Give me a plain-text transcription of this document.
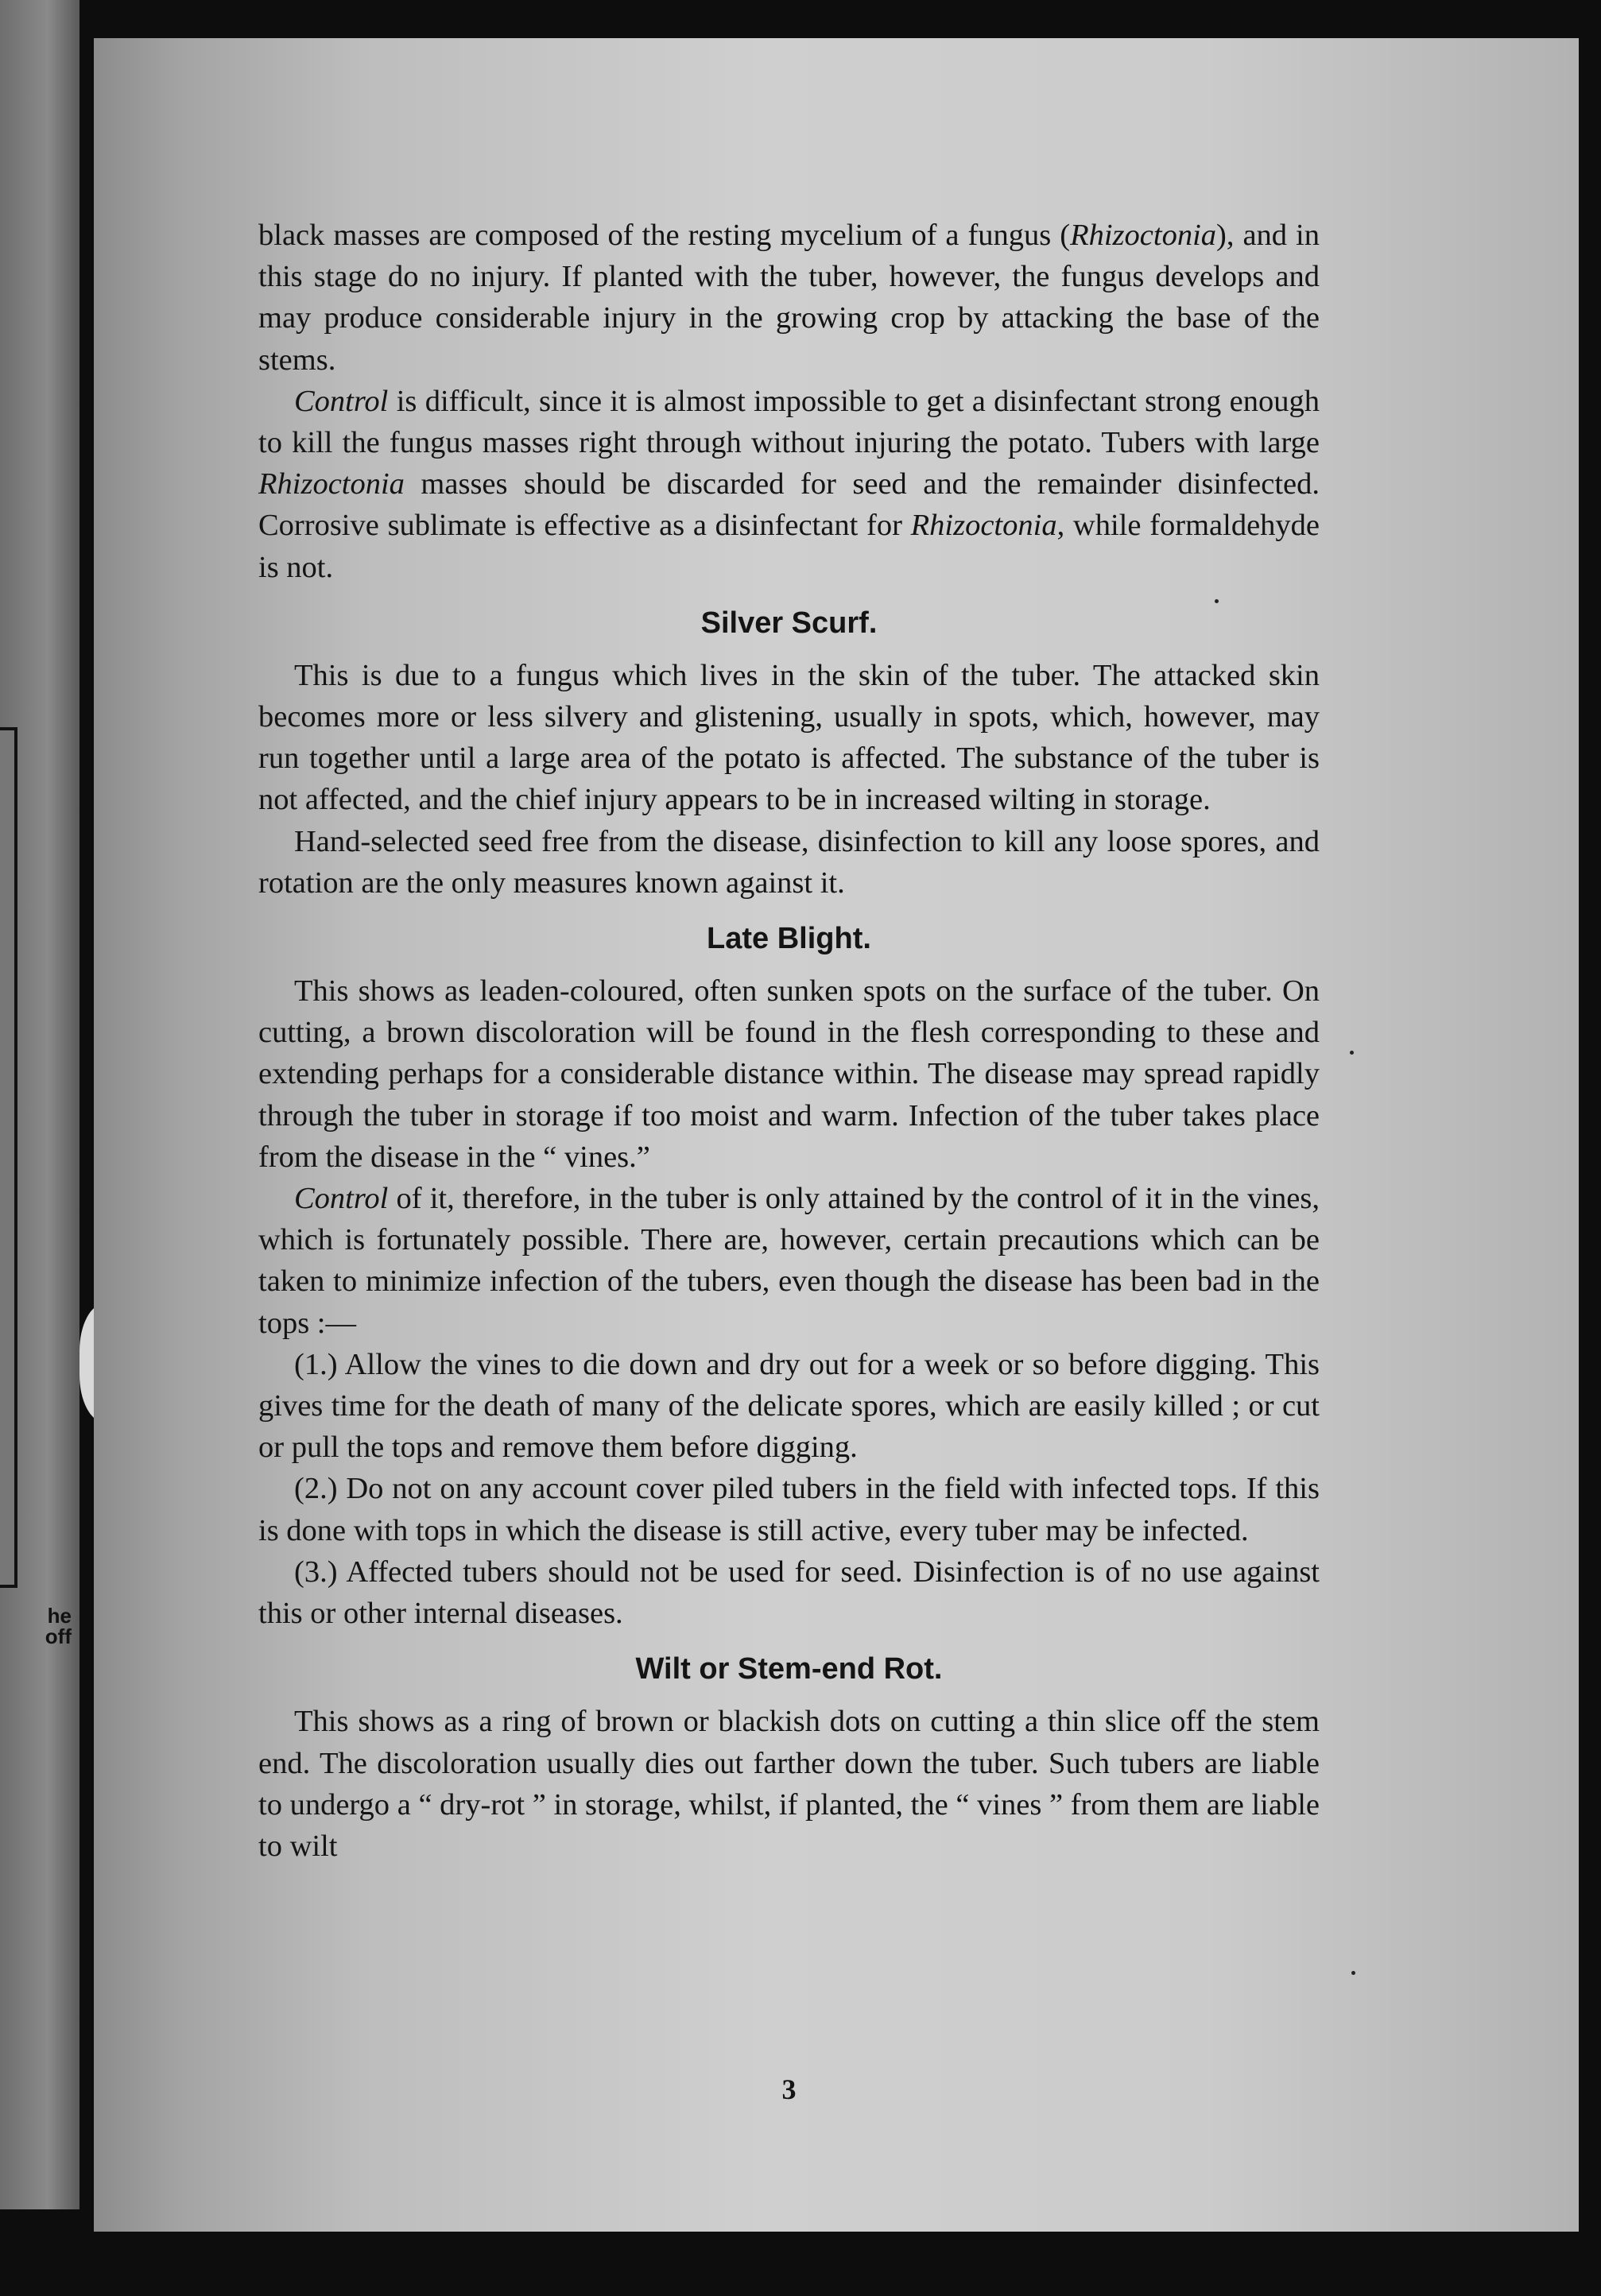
he
off

black masses are composed of the resting mycelium of a fungus (Rhizoctonia), and in this stage do no injury. If planted with the tuber, however, the fungus develops and may produce considerable injury in the growing crop by attacking the base of the stems.

Control is difficult, since it is almost impossible to get a disinfectant strong enough to kill the fungus masses right through without injuring the potato. Tubers with large Rhizoctonia masses should be discarded for seed and the remainder disinfected. Corrosive sublimate is effective as a disinfectant for Rhizoctonia, while formaldehyde is not.

Silver Scurf.

This is due to a fungus which lives in the skin of the tuber. The attacked skin becomes more or less silvery and glistening, usually in spots, which, however, may run together until a large area of the potato is affected. The substance of the tuber is not affected, and the chief injury appears to be in increased wilting in storage.

Hand-selected seed free from the disease, disinfection to kill any loose spores, and rotation are the only measures known against it.

Late Blight.

This shows as leaden-coloured, often sunken spots on the surface of the tuber. On cutting, a brown discoloration will be found in the flesh corresponding to these and extending perhaps for a considerable distance within. The disease may spread rapidly through the tuber in storage if too moist and warm. Infection of the tuber takes place from the disease in the “ vines.”

Control of it, therefore, in the tuber is only attained by the control of it in the vines, which is fortunately possible. There are, however, certain precautions which can be taken to minimize infection of the tubers, even though the disease has been bad in the tops :—

(1.) Allow the vines to die down and dry out for a week or so before digging. This gives time for the death of many of the delicate spores, which are easily killed ; or cut or pull the tops and remove them before digging.

(2.) Do not on any account cover piled tubers in the field with infected tops. If this is done with tops in which the disease is still active, every tuber may be infected.

(3.) Affected tubers should not be used for seed. Disinfection is of no use against this or other internal diseases.

Wilt or Stem-end Rot.

This shows as a ring of brown or blackish dots on cutting a thin slice off the stem end. The discoloration usually dies out farther down the tuber. Such tubers are liable to undergo a “ dry-rot ” in storage, whilst, if planted, the “ vines ” from them are liable to wilt

3
